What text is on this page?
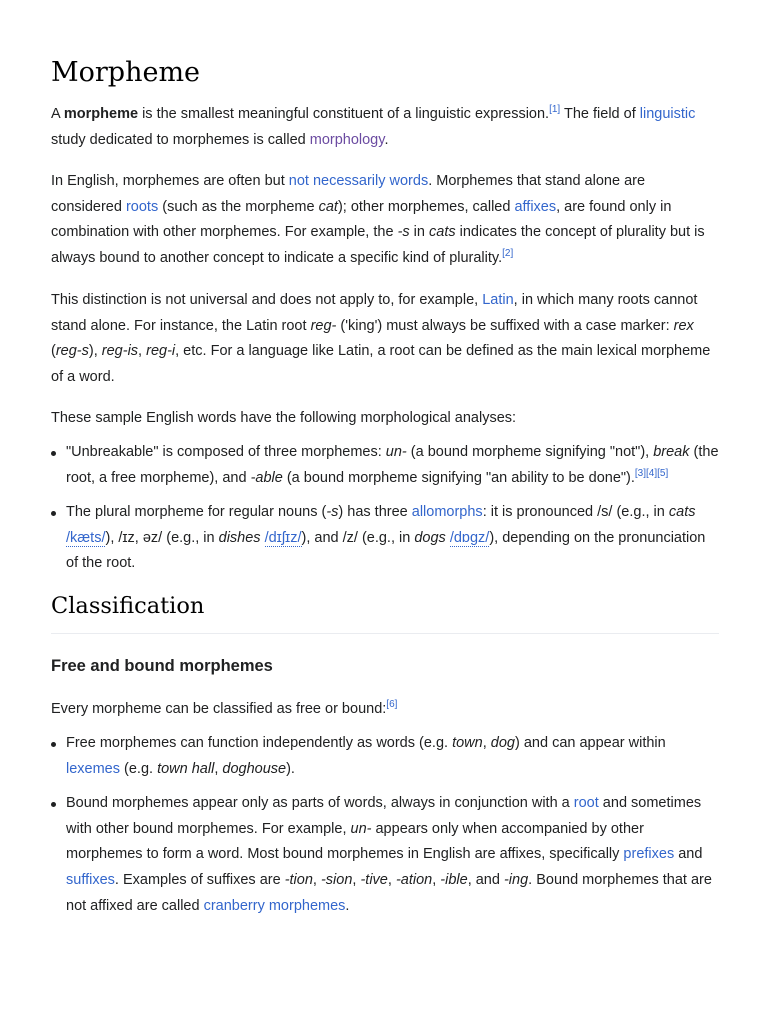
Morpheme

A morpheme is the smallest meaningful constituent of a linguistic expression.[1] The field of linguistic study dedicated to morphemes is called morphology.

In English, morphemes are often but not necessarily words. Morphemes that stand alone are considered roots (such as the morpheme cat); other morphemes, called affixes, are found only in combination with other morphemes. For example, the -s in cats indicates the concept of plurality but is always bound to another concept to indicate a specific kind of plurality.[2]

This distinction is not universal and does not apply to, for example, Latin, in which many roots cannot stand alone. For instance, the Latin root reg- ('king') must always be suffixed with a case marker: rex (reg-s), reg-is, reg-i, etc. For a language like Latin, a root can be defined as the main lexical morpheme of a word.

These sample English words have the following morphological analyses:

"Unbreakable" is composed of three morphemes: un- (a bound morpheme signifying "not"), break (the root, a free morpheme), and -able (a bound morpheme signifying "an ability to be done").[3][4][5]
The plural morpheme for regular nouns (-s) has three allomorphs: it is pronounced /s/ (e.g., in cats /kæts/), /ɪz, əz/ (e.g., in dishes /dɪʃɪz/), and /z/ (e.g., in dogs /dɒɡz/), depending on the pronunciation of the root.
Classification
Free and bound morphemes

Every morpheme can be classified as free or bound:[6]

Free morphemes can function independently as words (e.g. town, dog) and can appear within lexemes (e.g. town hall, doghouse).
Bound morphemes appear only as parts of words, always in conjunction with a root and sometimes with other bound morphemes. For example, un- appears only when accompanied by other morphemes to form a word. Most bound morphemes in English are affixes, specifically prefixes and suffixes. Examples of suffixes are -tion, -sion, -tive, -ation, -ible, and -ing. Bound morphemes that are not affixed are called cranberry morphemes.
